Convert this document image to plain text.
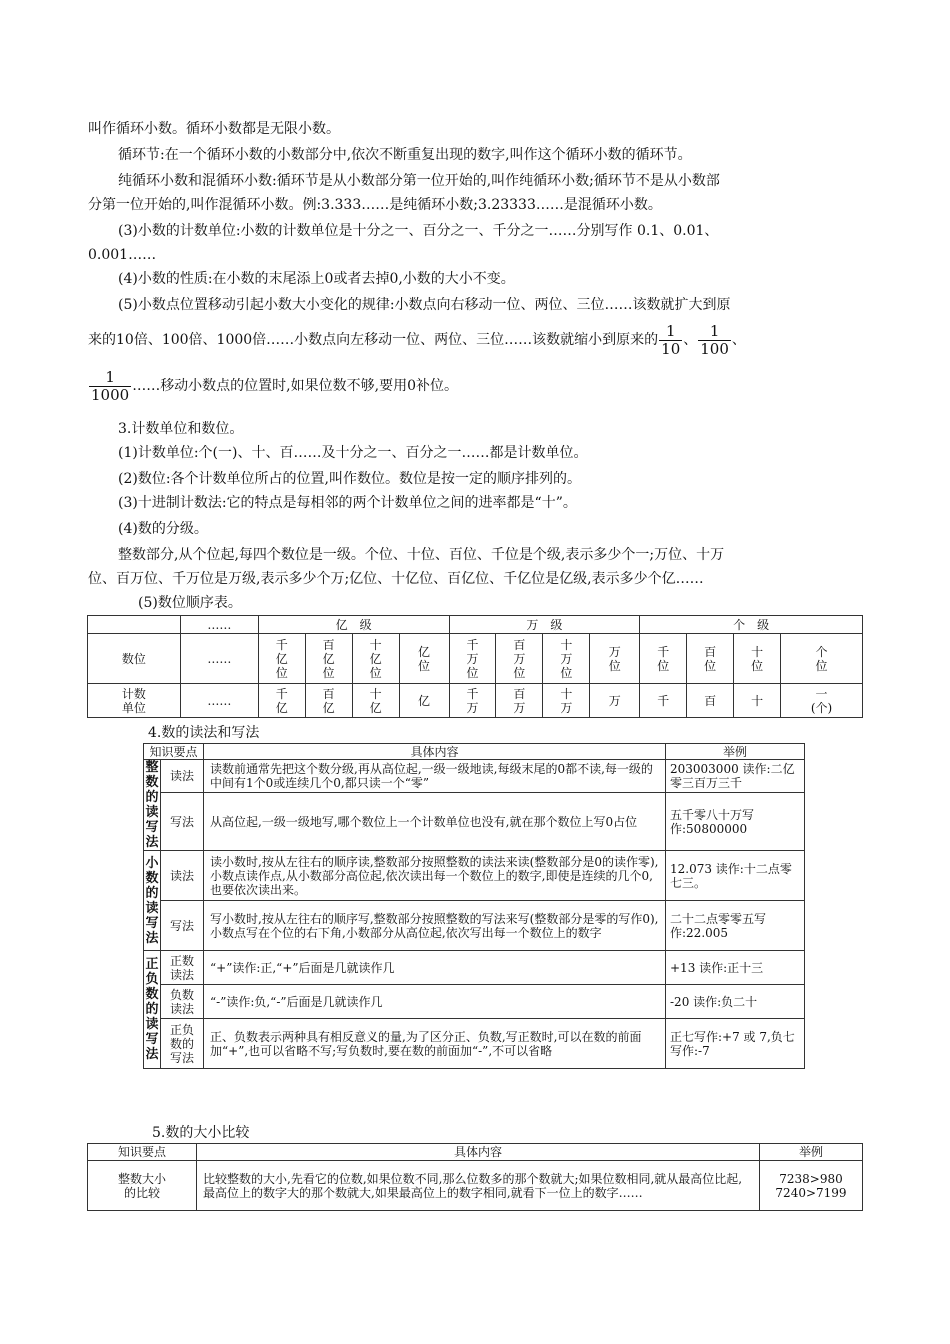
叫作循环小数。循环小数都是无限小数。
循环节:在一个循环小数的小数部分中,依次不断重复出现的数字,叫作这个循环小数的循环节。
纯循环小数和混循环小数:循环节是从小数部分第一位开始的,叫作纯循环小数;循环节不是从小数部
分第一位开始的,叫作混循环小数。例:3.333……是纯循环小数;3.23333……是混循环小数。
(3)小数的计数单位:小数的计数单位是十分之一、百分之一、千分之一……分别写作 0.1、0.01、
0.001……
(4)小数的性质:在小数的末尾添上0或者去掉0,小数的大小不变。
(5)小数点位置移动引起小数大小变化的规律:小数点向右移动一位、两位、三位……该数就扩大到原
来的10倍、100倍、1000倍……小数点向左移动一位、两位、三位……该数就缩小到原来的 $\frac{1}{10}$ 、 $\frac{1}{100}$ 、
$\frac{1}{1000}$ ……移动小数点的位置时,如果位数不够,要用0补位。
3.计数单位和数位。
(1)计数单位:个(一)、十、百……及十分之一、百分之一……都是计数单位。
(2)数位:各个计数单位所占的位置,叫作数位。数位是按一定的顺序排列的。
(3)十进制计数法:它的特点是每相邻的两个计数单位之间的进率都是“十”。
(4)数的分级。
整数部分,从个位起,每四个数位是一级。个位、十位、百位、千位是个级,表示多少个一;万位、十万
位、百万位、千万位是万级,表示多少个万;亿位、十亿位、百亿位、千亿位是亿级,表示多少个亿……
(5)数位顺序表。
	……	亿　级				万　级				个　级			
数位	……	千亿位	百亿位	十亿位	亿位	千万位	百万位	十万位	万位	千位	百位	十位	个位

计数单位	……	千亿	百亿	十亿	亿	千万	百万	十万	万	千	百	十	一(个)
4.数的读法和写法
知识要点		具体内容	举例

整数的读写法	读法	读数前通常先把这个数分级,再从高位起,一级一级地读,每级末尾的0都不读,每一级的中间有1个0或连续几个0,都只读一个“零”	203003000 读作:二亿零三百万三千
	写法	从高位起,一级一级地写,哪个数位上一个计数单位也没有,就在那个数位上写0占位	五千零八十万写作:50800000

小数的读写法	读法	读小数时,按从左往右的顺序读,整数部分按照整数的读法来读(整数部分是0的读作零),小数点读作点,从小数部分高位起,依次读出每一个数位上的数字,即使是连续的几个0,也要依次读出来。	12.073 读作:十二点零七三。
	写法	写小数时,按从左往右的顺序写,整数部分按照整数的写法来写(整数部分是零的写作0),小数点写在个位的右下角,小数部分从高位起,依次写出每一个数位上的数字	二十二点零零五写作:22.005

正负数的读写法	正数读法	“+”读作:正,“+”后面是几就读作几	+13 读作:正十三

	负数读法	“-”读作:负,“-”后面是几就读作几	-20 读作:负二十

	正负数的写法	正、负数表示两种具有相反意义的量,为了区分正、负数,写正数时,可以在数的前面加“+”,也可以省略不写;写负数时,要在数的前面加“-”,不可以省略	正七写作:+7 或 7,负七写作:-7
5.数的大小比较
知识要点	具体内容	举例

整数大小的比较	比较整数的大小,先看它的位数,如果位数不同,那么位数多的那个数就大;如果位数相同,就从最高位比起,最高位上的数字大的那个数就大,如果最高位上的数字相同,就看下一位上的数字……	7238>980
7240>7199
